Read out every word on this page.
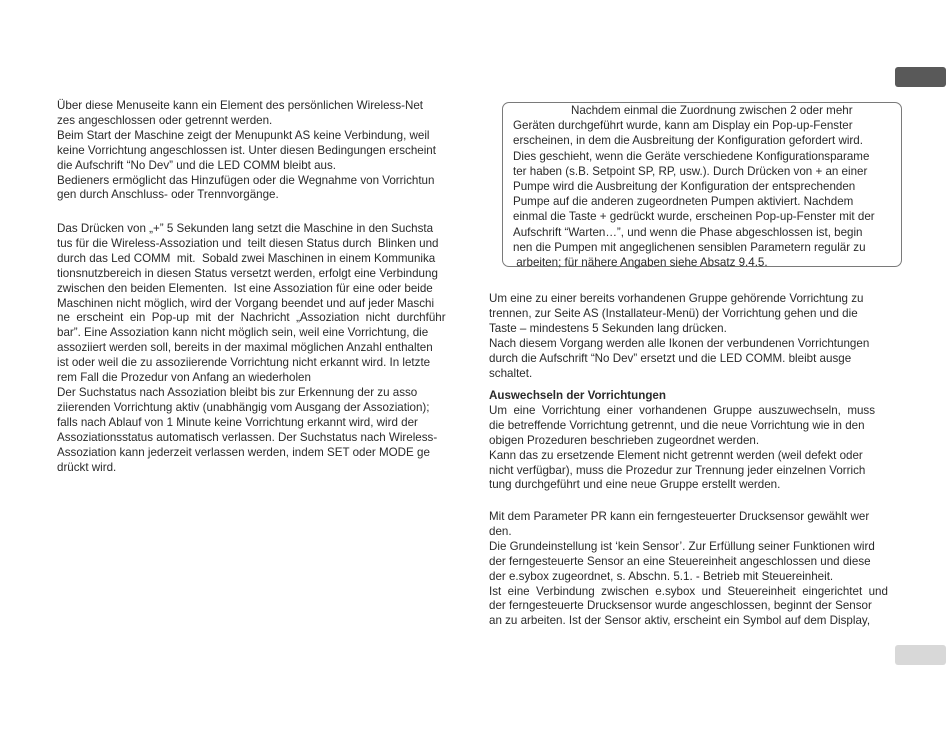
Über diese Menuseite kann ein Element des persönlichen Wireless-Net

zes angeschlossen oder getrennt werden.

Beim Start der Maschine zeigt der Menupunkt AS keine Verbindung, weil

keine Vorrichtung angeschlossen ist. Unter diesen Bedingungen erscheint

die Aufschrift “No Dev” und die LED COMM bleibt aus.

Bedieners ermöglicht das Hinzufügen oder die Wegnahme von Vorrichtun

gen durch Anschluss- oder Trennvorgänge.

Das Drücken von „+” 5 Sekunden lang setzt die Maschine in den Suchsta

tus für die Wireless-Assoziation und  teilt diesen Status durch  Blinken und

durch das Led COMM  mit.  Sobald zwei Maschinen in einem Kommunika

tionsnutzbereich in diesen Status versetzt werden, erfolgt eine Verbindung

zwischen den beiden Elementen.  Ist eine Assoziation für eine oder beide

Maschinen nicht möglich, wird der Vorgang beendet und auf jeder Maschi

ne  erscheint  ein  Pop-up  mit  der  Nachricht  „Assoziation  nicht  durchführ

bar”. Eine Assoziation kann nicht möglich sein, weil eine Vorrichtung, die

assoziiert werden soll, bereits in der maximal möglichen Anzahl enthalten

ist oder weil die zu assoziierende Vorrichtung nicht erkannt wird. In letzte

rem Fall die Prozedur von Anfang an wiederholen

Der Suchstatus nach Assoziation bleibt bis zur Erkennung der zu asso

ziierenden Vorrichtung aktiv (unabhängig vom Ausgang der Assoziation);

falls nach Ablauf von 1 Minute keine Vorrichtung erkannt wird, wird der

Assoziationsstatus automatisch verlassen. Der Suchstatus nach Wireless-

Assoziation kann jederzeit verlassen werden, indem SET oder MODE ge

drückt wird.

Nachdem einmal die Zuordnung zwischen 2 oder mehr

Geräten durchgeführt wurde, kann am Display ein Pop-up-Fenster

erscheinen, in dem die Ausbreitung der Konfiguration gefordert wird.

Dies geschieht, wenn die Geräte verschiedene Konfigurationsparame

ter haben (s.B. Setpoint SP, RP, usw.). Durch Drücken von + an einer

Pumpe wird die Ausbreitung der Konfiguration der entsprechenden

Pumpe auf die anderen zugeordneten Pumpen aktiviert. Nachdem

einmal die Taste + gedrückt wurde, erscheinen Pop-up-Fenster mit der

Aufschrift “Warten…”, und wenn die Phase abgeschlossen ist, begin

nen die Pumpen mit angeglichenen sensiblen Parametern regulär zu

arbeiten; für nähere Angaben siehe Absatz 9.4.5.

Um eine zu einer bereits vorhandenen Gruppe gehörende Vorrichtung zu

trennen, zur Seite AS (Installateur-Menü) der Vorrichtung gehen und die

Taste – mindestens 5 Sekunden lang drücken.

Nach diesem Vorgang werden alle Ikonen der verbundenen Vorrichtungen

durch die Aufschrift “No Dev” ersetzt und die LED COMM. bleibt ausge

schaltet.

Auswechseln der Vorrichtungen

Um  eine  Vorrichtung  einer  vorhandenen  Gruppe  auszuwechseln,  muss

die betreffende Vorrichtung getrennt, und die neue Vorrichtung wie in den

obigen Prozeduren beschrieben zugeordnet werden.

Kann das zu ersetzende Element nicht getrennt werden (weil defekt oder

nicht verfügbar), muss die Prozedur zur Trennung jeder einzelnen Vorrich

tung durchgeführt und eine neue Gruppe erstellt werden.

Mit dem Parameter PR kann ein ferngesteuerter Drucksensor gewählt wer

den.

Die Grundeinstellung ist ‘kein Sensor’. Zur Erfüllung seiner Funktionen wird

der ferngesteuerte Sensor an eine Steuereinheit angeschlossen und diese

der e.sybox zugeordnet, s. Abschn. 5.1. - Betrieb mit Steuereinheit.

Ist  eine  Verbindung  zwischen  e.sybox  und  Steuereinheit  eingerichtet  und

der ferngesteuerte Drucksensor wurde angeschlossen, beginnt der Sensor

an zu arbeiten. Ist der Sensor aktiv, erscheint ein Symbol auf dem Display,
